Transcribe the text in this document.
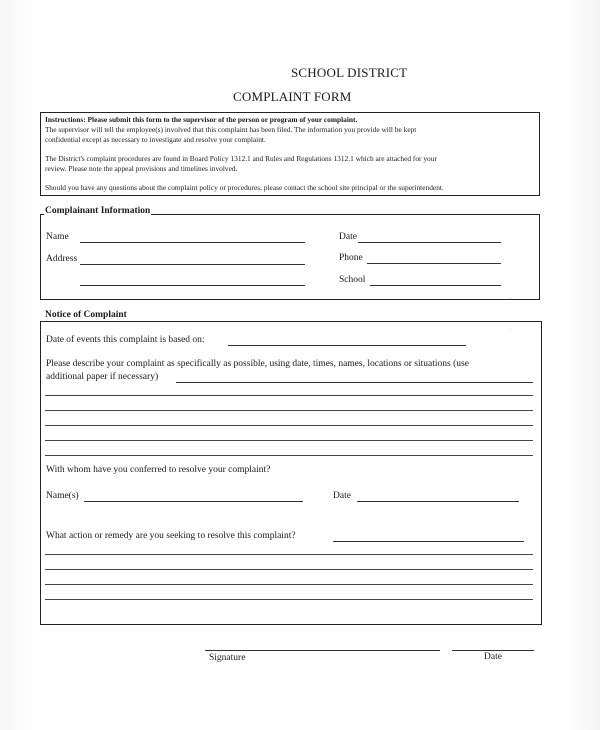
SCHOOL DISTRICT
COMPLAINT FORM
Instructions: Please submit this form to the supervisor of the person or program of your complaint.
The supervisor will tell the employee(s) involved that this complaint has been filed. The information you provide will be kept
confidential except as necessary to investigate and resolve your complaint.
The District's complaint procedures are found in Board Policy 1312.1 and Rules and Regulations 1312.1 which are attached for your
review. Please note the appeal provisions and timelines involved.
Should you have any questions about the complaint policy or procedures, please contact the school site principal or the superintendent.
Complainant Information
Name
Address
Date
Phone
School
Notice of Complaint
Date of events this complaint is based on:
Please describe your complaint as specifically as possible, using date, times, names, locations or situations (use
additional paper if necessary)
With whom have you conferred to resolve your complaint?
Name(s)	Date
What action or remedy are you seeking to resolve this complaint?
Signature	Date
›
·
